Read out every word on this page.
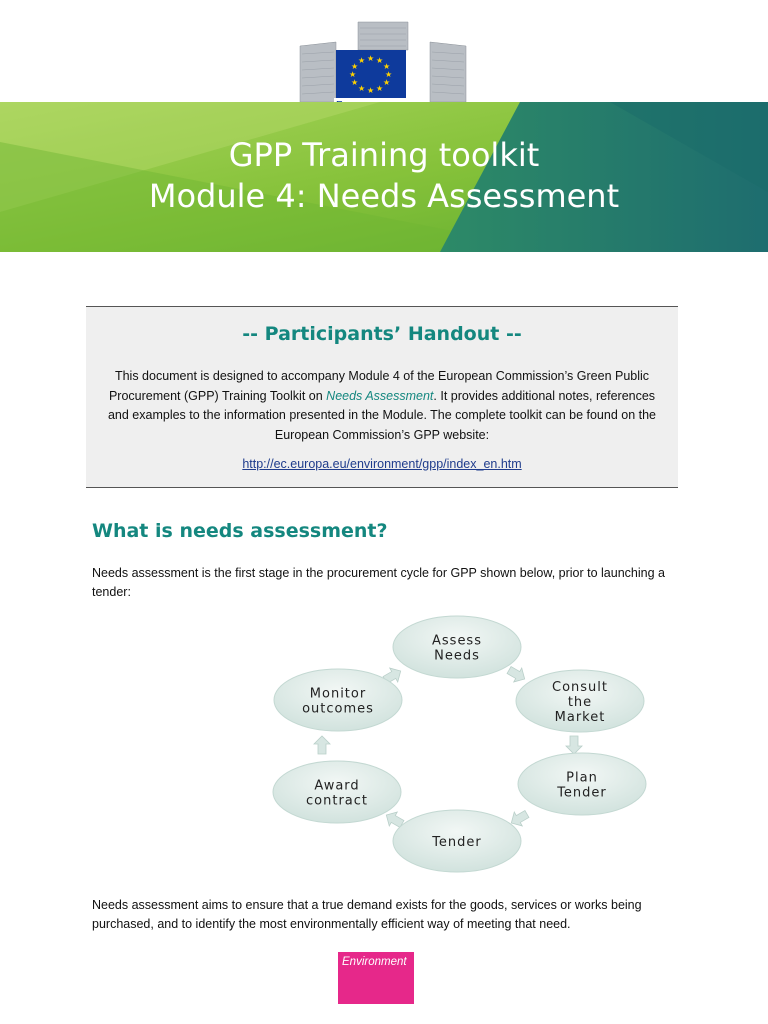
★ ★
★
★
★
★
★
★
★
★
★
★
GPP Training toolkit
Module 4: Needs Assessment
-- Participants’ Handout --

This document is designed to accompany Module 4 of the European Commission’s Green Public Procurement (GPP) Training Toolkit on Needs Assessment. It provides additional notes, references and examples to the information presented in the Module. The complete toolkit can be found on the European Commission’s GPP website:

http://ec.europa.eu/environment/gpp/index_en.htm
What is needs assessment?

Needs assessment is the first stage in the procurement cycle for GPP shown below, prior to launching a tender:

Assess
Needs
Consult
the
Market
Plan
Tender
Tender
Award
contract
Monitor
outcomes

Needs assessment aims to ensure that a true demand exists for the goods, services or works being purchased, and to identify the most environmentally efficient way of meeting that need.

Environment
